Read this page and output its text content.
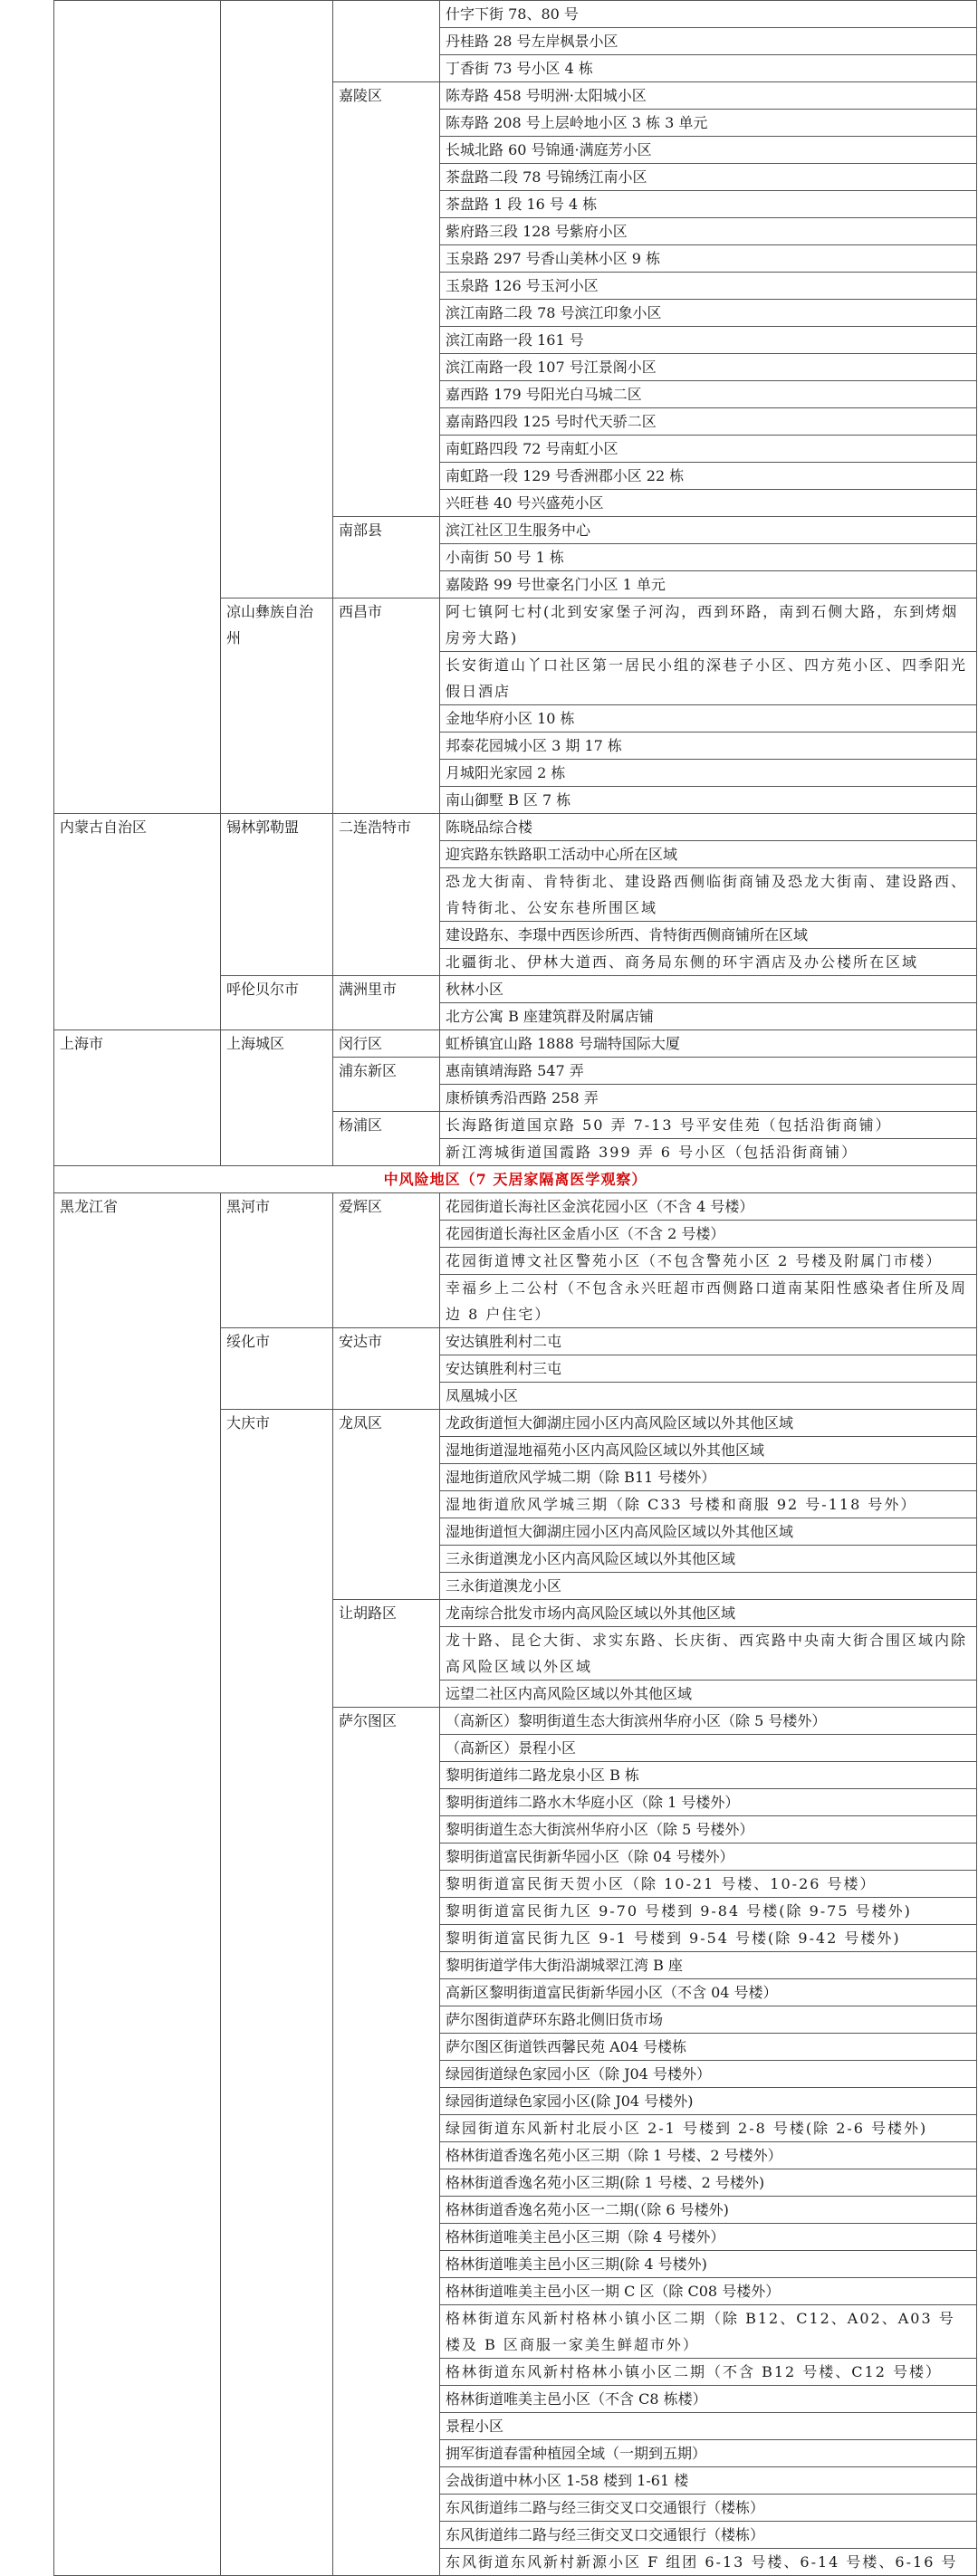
			什字下街 78、80 号
			丹桂路 28 号左岸枫景小区
			丁香街 73 号小区 4 栋
		嘉陵区	陈寿路 458 号明洲·太阳城小区
			陈寿路 208 号上层岭地小区 3 栋 3 单元
			长城北路 60 号锦通·满庭芳小区
			茶盘路二段 78 号锦绣江南小区
			茶盘路 1 段 16 号 4 栋
			紫府路三段 128 号紫府小区
			玉泉路 297 号香山美林小区 9 栋
			玉泉路 126 号玉河小区
			滨江南路二段 78 号滨江印象小区
			滨江南路一段 161 号
			滨江南路一段 107 号江景阁小区
			嘉西路 179 号阳光白马城二区
			嘉南路四段 125 号时代天骄二区
			南虹路四段 72 号南虹小区
			南虹路一段 129 号香洲郡小区 22 栋
			兴旺巷 40 号兴盛苑小区
		南部县	滨江社区卫生服务中心
			小南街 50 号 1 栋
			嘉陵路 99 号世豪名门小区 1 单元
	凉山彝族自治州	西昌市	阿七镇阿七村(北到安家堡子河沟，西到环路，南到石侧大路，东到烤烟房旁大路)
			长安街道山丫口社区第一居民小组的深巷子小区、四方苑小区、四季阳光假日酒店
			金地华府小区 10 栋
			邦泰花园城小区 3 期 17 栋
			月城阳光家园 2 栋
			南山御墅 B 区 7 栋
内蒙古自治区	锡林郭勒盟	二连浩特市	陈晓品综合楼
			迎宾路东铁路职工活动中心所在区域
			恐龙大街南、肯特街北、建设路西侧临街商铺及恐龙大街南、建设路西、肯特街北、公安东巷所围区域
			建设路东、李璟中西医诊所西、肯特街西侧商铺所在区域
			北疆街北、伊林大道西、商务局东侧的环宇酒店及办公楼所在区域
	呼伦贝尔市	满洲里市	秋林小区
			北方公寓 B 座建筑群及附属店铺
上海市	上海城区	闵行区	虹桥镇宜山路 1888 号瑞特国际大厦
		浦东新区	惠南镇靖海路 547 弄
			康桥镇秀沿西路 258 弄
		杨浦区	长海路街道国京路 50 弄 7-13 号平安佳苑（包括沿街商铺）
			新江湾城街道国霞路 399 弄 6 号小区（包括沿街商铺）
中风险地区（7 天居家隔离医学观察）			
黑龙江省	黑河市	爱辉区	花园街道长海社区金滨花园小区（不含 4 号楼）
			花园街道长海社区金盾小区（不含 2 号楼）
			花园街道博文社区警苑小区（不包含警苑小区 2 号楼及附属门市楼）
			幸福乡上二公村（不包含永兴旺超市西侧路口道南某阳性感染者住所及周边 8 户住宅）
	绥化市	安达市	安达镇胜利村二屯
			安达镇胜利村三屯
			凤凰城小区
	大庆市	龙凤区	龙政街道恒大御湖庄园小区内高风险区域以外其他区域
			湿地街道湿地福苑小区内高风险区域以外其他区域
			湿地街道欣风学城二期（除 B11 号楼外）
			湿地街道欣风学城三期（除 C33 号楼和商服 92 号-118 号外）
			湿地街道恒大御湖庄园小区内高风险区域以外其他区域
			三永街道澳龙小区内高风险区域以外其他区域
			三永街道澳龙小区
		让胡路区	龙南综合批发市场内高风险区域以外其他区域
			龙十路、昆仑大街、求实东路、长庆街、西宾路中央南大街合围区域内除高风险区域以外区域
			远望二社区内高风险区域以外其他区域
		萨尔图区	（高新区）黎明街道生态大街滨州华府小区（除 5 号楼外）
			（高新区）景程小区
			黎明街道纬二路龙泉小区 B 栋
			黎明街道纬二路水木华庭小区（除 1 号楼外）
			黎明街道生态大街滨州华府小区（除 5 号楼外）
			黎明街道富民街新华园小区（除 04 号楼外）
			黎明街道富民街天贺小区（除 10-21 号楼、10-26 号楼）
			黎明街道富民街九区 9-70 号楼到 9-84 号楼(除 9-75 号楼外)
			黎明街道富民街九区 9-1 号楼到 9-54 号楼(除 9-42 号楼外)
			黎明街道学伟大街沿湖城翠江湾 B 座
			高新区黎明街道富民街新华园小区（不含 04 号楼）
			萨尔图街道萨环东路北侧旧货市场
			萨尔图区街道铁西馨民苑 A04 号楼栋
			绿园街道绿色家园小区（除 J04 号楼外）
			绿园街道绿色家园小区(除 J04 号楼外)
			绿园街道东风新村北辰小区 2-1 号楼到 2-8 号楼(除 2-6 号楼外)
			格林街道香逸名苑小区三期（除 1 号楼、2 号楼外）
			格林街道香逸名苑小区三期(除 1 号楼、2 号楼外)
			格林街道香逸名苑小区一二期(（除 6 号楼外)
			格林街道唯美主邑小区三期（除 4 号楼外）
			格林街道唯美主邑小区三期(除 4 号楼外)
			格林街道唯美主邑小区一期 C 区（除 C08 号楼外）
			格林街道东风新村格林小镇小区二期（除 B12、C12、A02、A03 号楼及 B 区商服一家美生鲜超市外）
			格林街道东风新村格林小镇小区二期（不含 B12 号楼、C12 号楼）
			格林街道唯美主邑小区（不含 C8 栋楼）
			景程小区
			拥军街道春雷种植园全域（一期到五期）
			会战街道中林小区 1-58 楼到 1-61 楼
			东风街道纬二路与经三街交叉口交通银行（楼栋）
			东风街道纬二路与经三街交叉口交通银行（楼栋）
			东风街道东风新村新源小区 F 组团 6-13 号楼、6-14 号楼、6-16 号
